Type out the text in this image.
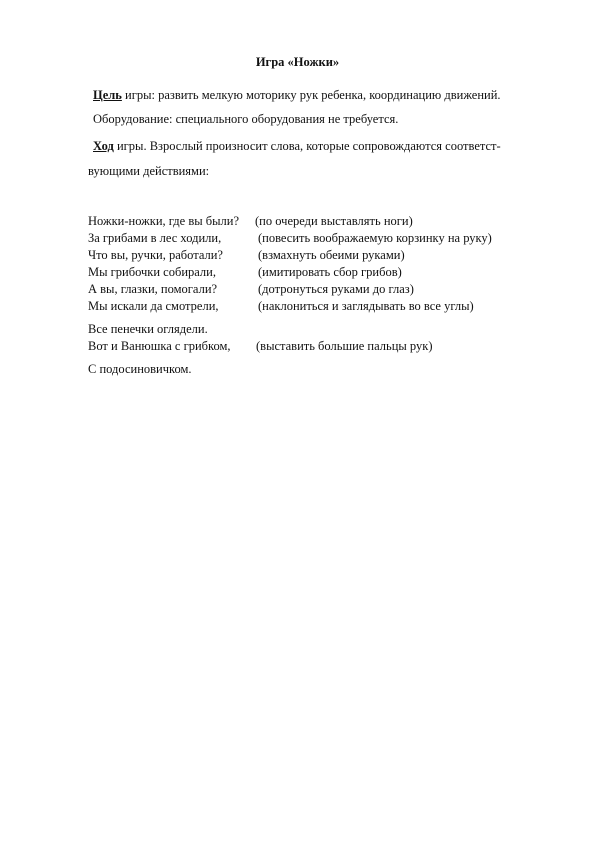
Игра «Ножки»
Цель игры: развить мелкую моторику рук ребенка, координацию движений.
Оборудование: специального оборудования не требуется.
Ход игры. Взрослый произносит слова, которые сопровождаются соответст-
вующими действиями:
Ножки-ножки, где вы были? (по очереди выставлять ноги)
За грибами в лес ходили,	(повесить воображаемую корзинку на руку)
Что вы, ручки, работали?	(взмахнуть обеими руками)
Мы грибочки собирали,	(имитировать сбор грибов)
А вы, глазки, помогали?	(дотронуться руками до глаз)
Мы искали да смотрели,	(наклониться и заглядывать во все углы)
Все пенечки оглядели.
Вот и Ванюшка с грибком, (выставить большие пальцы рук)
С подосиновичком.
